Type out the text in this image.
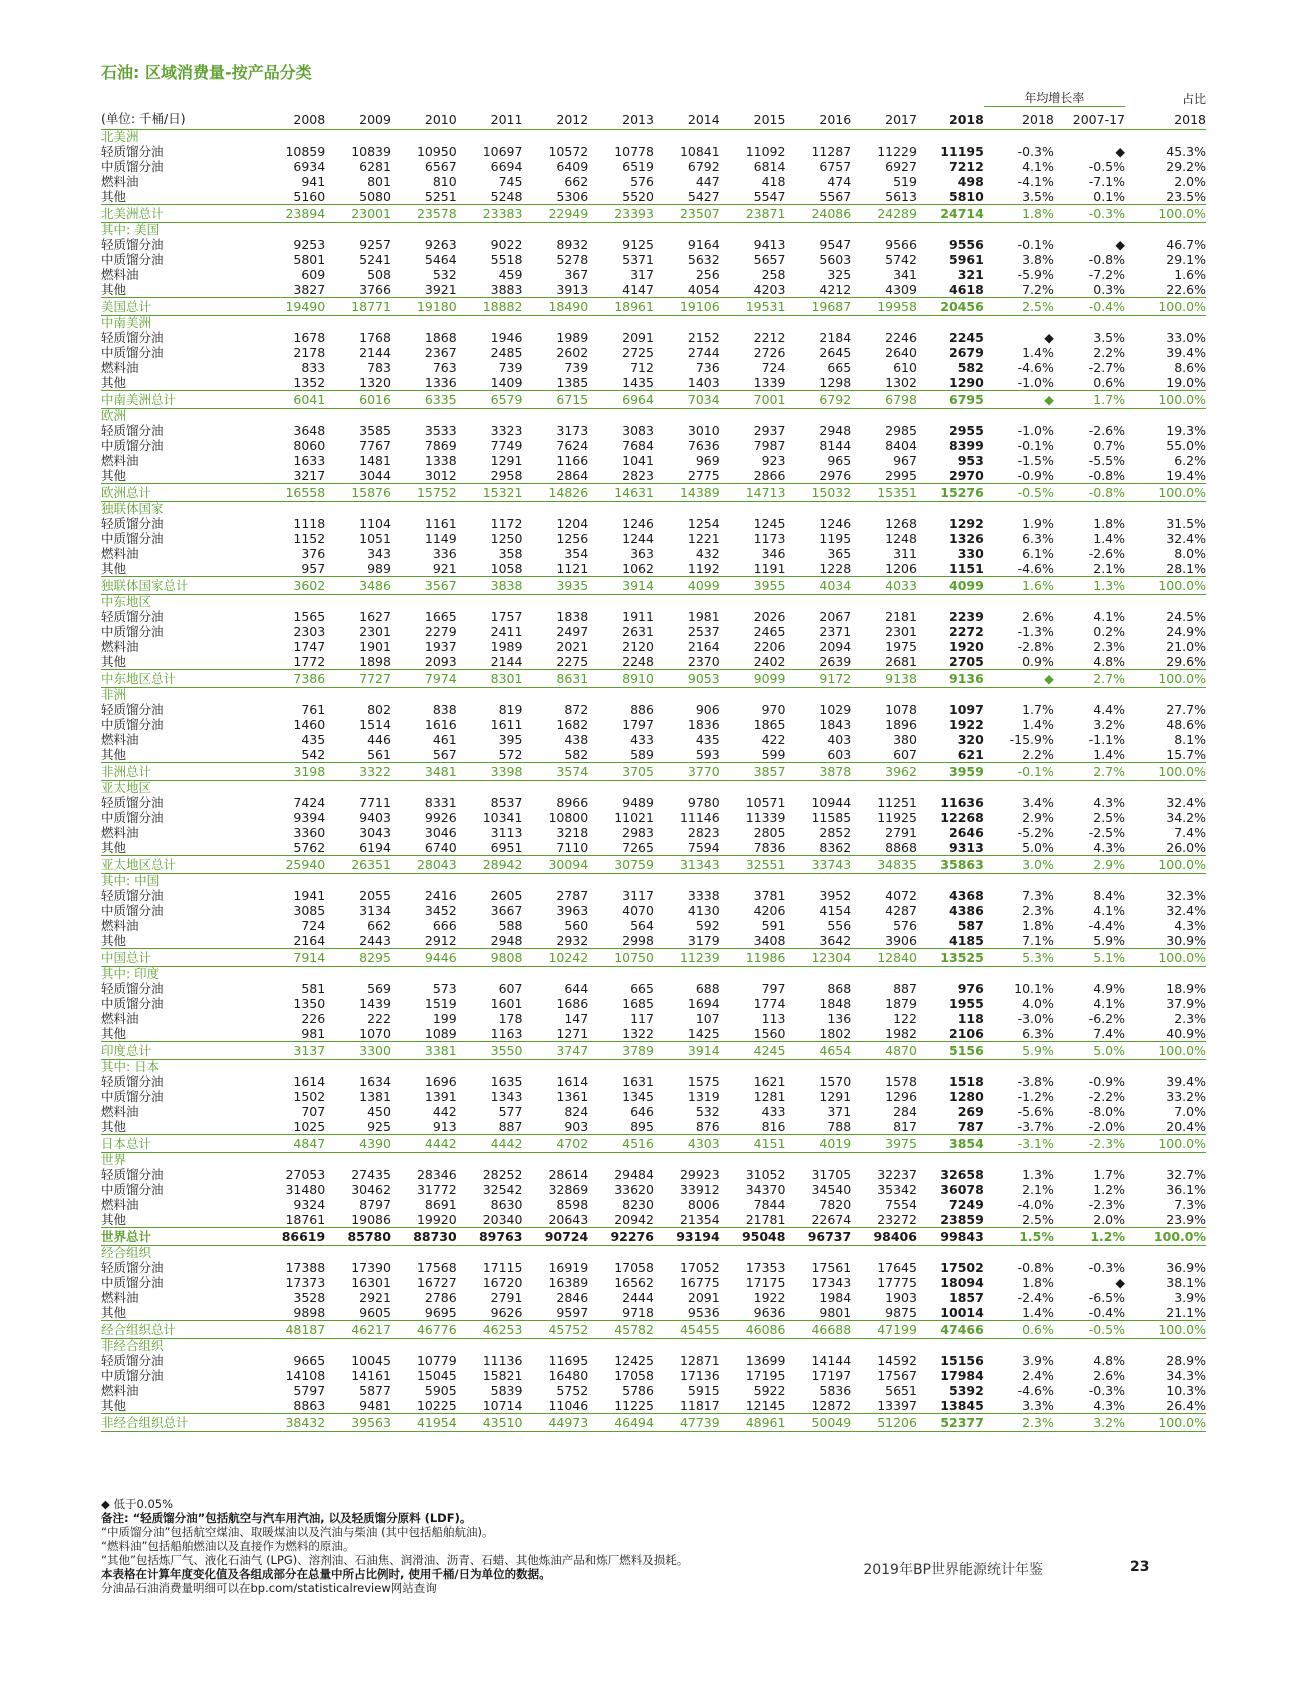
石油: 区域消费量-按产品分类
												年均增长率		占比
(单位: 千桶/日)	2008	2009	2010	2011	2012	2013	2014	2015	2016	2017	2018	2018	2007-17	2018
北美洲														
轻质馏分油	10859	10839	10950	10697	10572	10778	10841	11092	11287	11229	11195	-0.3%	◆	45.3%
中质馏分油	6934	6281	6567	6694	6409	6519	6792	6814	6757	6927	7212	4.1%	-0.5%	29.2%
燃料油	941	801	810	745	662	576	447	418	474	519	498	-4.1%	-7.1%	2.0%
其他	5160	5080	5251	5248	5306	5520	5427	5547	5567	5613	5810	3.5%	0.1%	23.5%
北美洲总计	23894	23001	23578	23383	22949	23393	23507	23871	24086	24289	24714	1.8%	-0.3%	100.0%
其中: 美国														
轻质馏分油	9253	9257	9263	9022	8932	9125	9164	9413	9547	9566	9556	-0.1%	◆	46.7%
中质馏分油	5801	5241	5464	5518	5278	5371	5632	5657	5603	5742	5961	3.8%	-0.8%	29.1%
燃料油	609	508	532	459	367	317	256	258	325	341	321	-5.9%	-7.2%	1.6%
其他	3827	3766	3921	3883	3913	4147	4054	4203	4212	4309	4618	7.2%	0.3%	22.6%
美国总计	19490	18771	19180	18882	18490	18961	19106	19531	19687	19958	20456	2.5%	-0.4%	100.0%
中南美洲														
轻质馏分油	1678	1768	1868	1946	1989	2091	2152	2212	2184	2246	2245	◆	3.5%	33.0%
中质馏分油	2178	2144	2367	2485	2602	2725	2744	2726	2645	2640	2679	1.4%	2.2%	39.4%
燃料油	833	783	763	739	739	712	736	724	665	610	582	-4.6%	-2.7%	8.6%
其他	1352	1320	1336	1409	1385	1435	1403	1339	1298	1302	1290	-1.0%	0.6%	19.0%
中南美洲总计	6041	6016	6335	6579	6715	6964	7034	7001	6792	6798	6795	◆	1.7%	100.0%
欧洲														
轻质馏分油	3648	3585	3533	3323	3173	3083	3010	2937	2948	2985	2955	-1.0%	-2.6%	19.3%
中质馏分油	8060	7767	7869	7749	7624	7684	7636	7987	8144	8404	8399	-0.1%	0.7%	55.0%
燃料油	1633	1481	1338	1291	1166	1041	969	923	965	967	953	-1.5%	-5.5%	6.2%
其他	3217	3044	3012	2958	2864	2823	2775	2866	2976	2995	2970	-0.9%	-0.8%	19.4%
欧洲总计	16558	15876	15752	15321	14826	14631	14389	14713	15032	15351	15276	-0.5%	-0.8%	100.0%
独联体国家														
轻质馏分油	1118	1104	1161	1172	1204	1246	1254	1245	1246	1268	1292	1.9%	1.8%	31.5%
中质馏分油	1152	1051	1149	1250	1256	1244	1221	1173	1195	1248	1326	6.3%	1.4%	32.4%
燃料油	376	343	336	358	354	363	432	346	365	311	330	6.1%	-2.6%	8.0%
其他	957	989	921	1058	1121	1062	1192	1191	1228	1206	1151	-4.6%	2.1%	28.1%
独联体国家总计	3602	3486	3567	3838	3935	3914	4099	3955	4034	4033	4099	1.6%	1.3%	100.0%
中东地区														
轻质馏分油	1565	1627	1665	1757	1838	1911	1981	2026	2067	2181	2239	2.6%	4.1%	24.5%
中质馏分油	2303	2301	2279	2411	2497	2631	2537	2465	2371	2301	2272	-1.3%	0.2%	24.9%
燃料油	1747	1901	1937	1989	2021	2120	2164	2206	2094	1975	1920	-2.8%	2.3%	21.0%
其他	1772	1898	2093	2144	2275	2248	2370	2402	2639	2681	2705	0.9%	4.8%	29.6%
中东地区总计	7386	7727	7974	8301	8631	8910	9053	9099	9172	9138	9136	◆	2.7%	100.0%
非洲														
轻质馏分油	761	802	838	819	872	886	906	970	1029	1078	1097	1.7%	4.4%	27.7%
中质馏分油	1460	1514	1616	1611	1682	1797	1836	1865	1843	1896	1922	1.4%	3.2%	48.6%
燃料油	435	446	461	395	438	433	435	422	403	380	320	-15.9%	-1.1%	8.1%
其他	542	561	567	572	582	589	593	599	603	607	621	2.2%	1.4%	15.7%
非洲总计	3198	3322	3481	3398	3574	3705	3770	3857	3878	3962	3959	-0.1%	2.7%	100.0%
亚太地区														
轻质馏分油	7424	7711	8331	8537	8966	9489	9780	10571	10944	11251	11636	3.4%	4.3%	32.4%
中质馏分油	9394	9403	9926	10341	10800	11021	11146	11339	11585	11925	12268	2.9%	2.5%	34.2%
燃料油	3360	3043	3046	3113	3218	2983	2823	2805	2852	2791	2646	-5.2%	-2.5%	7.4%
其他	5762	6194	6740	6951	7110	7265	7594	7836	8362	8868	9313	5.0%	4.3%	26.0%
亚太地区总计	25940	26351	28043	28942	30094	30759	31343	32551	33743	34835	35863	3.0%	2.9%	100.0%
其中: 中国														
轻质馏分油	1941	2055	2416	2605	2787	3117	3338	3781	3952	4072	4368	7.3%	8.4%	32.3%
中质馏分油	3085	3134	3452	3667	3963	4070	4130	4206	4154	4287	4386	2.3%	4.1%	32.4%
燃料油	724	662	666	588	560	564	592	591	556	576	587	1.8%	-4.4%	4.3%
其他	2164	2443	2912	2948	2932	2998	3179	3408	3642	3906	4185	7.1%	5.9%	30.9%
中国总计	7914	8295	9446	9808	10242	10750	11239	11986	12304	12840	13525	5.3%	5.1%	100.0%
其中: 印度														
轻质馏分油	581	569	573	607	644	665	688	797	868	887	976	10.1%	4.9%	18.9%
中质馏分油	1350	1439	1519	1601	1686	1685	1694	1774	1848	1879	1955	4.0%	4.1%	37.9%
燃料油	226	222	199	178	147	117	107	113	136	122	118	-3.0%	-6.2%	2.3%
其他	981	1070	1089	1163	1271	1322	1425	1560	1802	1982	2106	6.3%	7.4%	40.9%
印度总计	3137	3300	3381	3550	3747	3789	3914	4245	4654	4870	5156	5.9%	5.0%	100.0%
其中: 日本														
轻质馏分油	1614	1634	1696	1635	1614	1631	1575	1621	1570	1578	1518	-3.8%	-0.9%	39.4%
中质馏分油	1502	1381	1391	1343	1361	1345	1319	1281	1291	1296	1280	-1.2%	-2.2%	33.2%
燃料油	707	450	442	577	824	646	532	433	371	284	269	-5.6%	-8.0%	7.0%
其他	1025	925	913	887	903	895	876	816	788	817	787	-3.7%	-2.0%	20.4%
日本总计	4847	4390	4442	4442	4702	4516	4303	4151	4019	3975	3854	-3.1%	-2.3%	100.0%
世界														
轻质馏分油	27053	27435	28346	28252	28614	29484	29923	31052	31705	32237	32658	1.3%	1.7%	32.7%
中质馏分油	31480	30462	31772	32542	32869	33620	33912	34370	34540	35342	36078	2.1%	1.2%	36.1%
燃料油	9324	8797	8691	8630	8598	8230	8006	7844	7820	7554	7249	-4.0%	-2.3%	7.3%
其他	18761	19086	19920	20340	20643	20942	21354	21781	22674	23272	23859	2.5%	2.0%	23.9%
世界总计	86619	85780	88730	89763	90724	92276	93194	95048	96737	98406	99843	1.5%	1.2%	100.0%
经合组织														
轻质馏分油	17388	17390	17568	17115	16919	17058	17052	17353	17561	17645	17502	-0.8%	-0.3%	36.9%
中质馏分油	17373	16301	16727	16720	16389	16562	16775	17175	17343	17775	18094	1.8%	◆	38.1%
燃料油	3528	2921	2786	2791	2846	2444	2091	1922	1984	1903	1857	-2.4%	-6.5%	3.9%
其他	9898	9605	9695	9626	9597	9718	9536	9636	9801	9875	10014	1.4%	-0.4%	21.1%
经合组织总计	48187	46217	46776	46253	45752	45782	45455	46086	46688	47199	47466	0.6%	-0.5%	100.0%
非经合组织														
轻质馏分油	9665	10045	10779	11136	11695	12425	12871	13699	14144	14592	15156	3.9%	4.8%	28.9%
中质馏分油	14108	14161	15045	15821	16480	17058	17136	17195	17197	17567	17984	2.4%	2.6%	34.3%
燃料油	5797	5877	5905	5839	5752	5786	5915	5922	5836	5651	5392	-4.6%	-0.3%	10.3%
其他	8863	9481	10225	10714	11046	11225	11817	12145	12872	13397	13845	3.3%	4.3%	26.4%
非经合组织总计	38432	39563	41954	43510	44973	46494	47739	48961	50049	51206	52377	2.3%	3.2%	100.0%
◆ 低于0.05%
备注: “轻质馏分油”包括航空与汽车用汽油, 以及轻质馏分原料 (LDF)。
“中质馏分油”包括航空煤油、取暖煤油以及汽油与柴油 (其中包括船舶航油)。
“燃料油”包括船舶燃油以及直接作为燃料的原油。
“其他”包括炼厂气、液化石油气 (LPG)、溶剂油、石油焦、润滑油、沥青、石蜡、其他炼油产品和炼厂燃料及损耗。
本表格在计算年度变化值及各组成部分在总量中所占比例时, 使用千桶/日为单位的数据。
分油品石油消费量明细可以在bp.com/statisticalreview网站查询
2019年BP世界能源统计年鉴	23
